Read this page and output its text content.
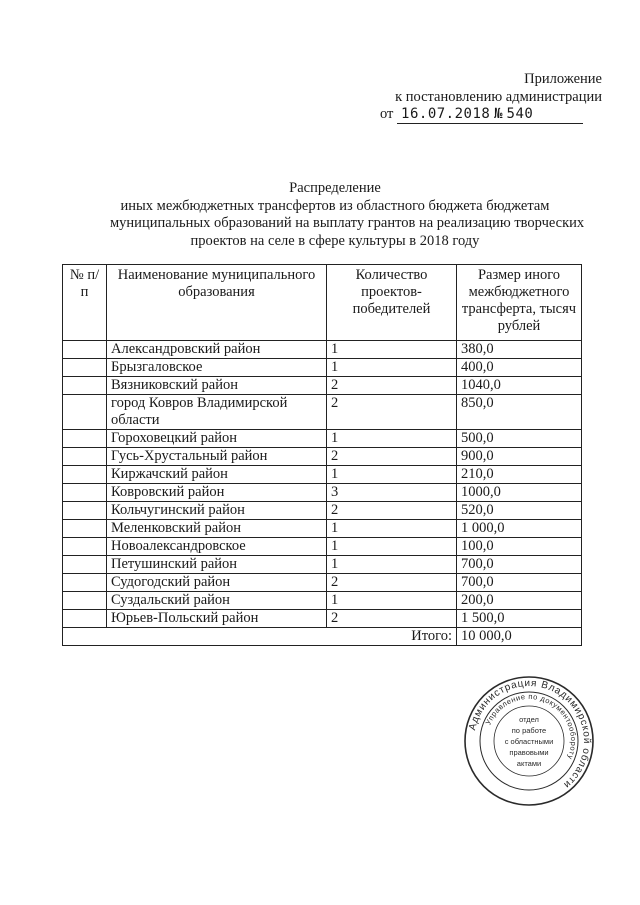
Приложение
к постановлению администрации
от 16.07.2018 № 540
Распределение
иных межбюджетных трансфертов из областного бюджета бюджетам
муниципальных образований на выплату грантов на реализацию творческих
проектов на селе в сфере культуры в 2018 году
№ п/п	Наименование муниципального образования	Количество проектов-победителей	Размер иного межбюджетного трансферта, тысяч рублей
	Александровский район	1	380,0
	Брызгаловское	1	400,0
	Вязниковский район	2	1040,0
	город Ковров Владимирской области	2	850,0
	Гороховецкий район	1	500,0
	Гусь-Хрустальный район	2	900,0
	Киржачский район	1	210,0
	Ковровский район	3	1000,0
	Кольчугинский район	2	520,0
	Меленковский район	1	1 000,0
	Новоалександровское	1	100,0
	Петушинский район	1	700,0
	Судогодский район	2	700,0
	Суздальский район	1	200,0
	Юрьев-Польский район	2	1 500,0
Итого:			10 000,0
Администрация Владимирской области
Управление по документообороту
отдел
по работе
с областными
правовыми
актами
